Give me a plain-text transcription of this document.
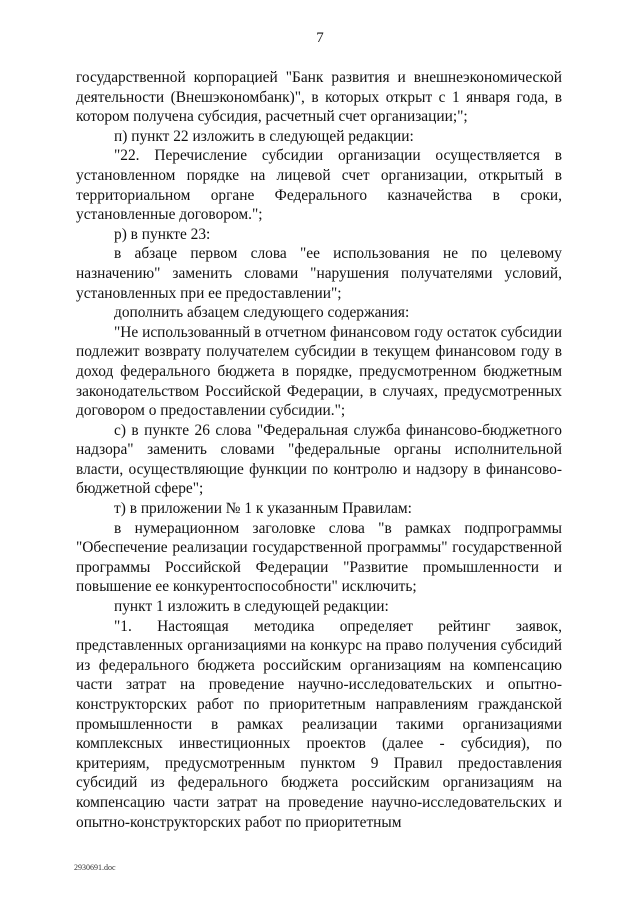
7

государственной корпорацией "Банк развития и внешнеэкономической деятельности (Внешэкономбанк)", в которых открыт с 1 января года, в котором получена субсидия, расчетный счет организации;";

п) пункт 22 изложить в следующей редакции:

"22. Перечисление субсидии организации осуществляется в установленном порядке на лицевой счет организации, открытый в территориальном органе Федерального казначейства в сроки, установленные договором.";

р) в пункте 23:

в абзаце первом слова "ее использования не по целевому назначению" заменить словами "нарушения получателями условий, установленных при ее предоставлении";

дополнить абзацем следующего содержания:

"Не использованный в отчетном финансовом году остаток субсидии подлежит возврату получателем субсидии в текущем финансовом году в доход федерального бюджета в порядке, предусмотренном бюджетным законодательством Российской Федерации, в случаях, предусмотренных договором о предоставлении субсидии.";

с) в пункте 26 слова "Федеральная служба финансово-бюджетного надзора" заменить словами "федеральные органы исполнительной власти, осуществляющие функции по контролю и надзору в финансово-бюджетной сфере";

т) в приложении № 1 к указанным Правилам:

в нумерационном заголовке слова "в рамках подпрограммы "Обеспечение реализации государственной программы" государственной программы Российской Федерации "Развитие промышленности и повышение ее конкурентоспособности" исключить;

пункт 1 изложить в следующей редакции:

"1. Настоящая методика определяет рейтинг заявок, представленных организациями на конкурс на право получения субсидий из федерального бюджета российским организациям на компенсацию части затрат на проведение научно-исследовательских и опытно-конструкторских работ по приоритетным направлениям гражданской промышленности в рамках реализации такими организациями комплексных инвестиционных проектов (далее - субсидия), по критериям, предусмотренным пунктом 9 Правил предоставления субсидий из федерального бюджета российским организациям на компенсацию части затрат на проведение научно-исследовательских и опытно-конструкторских работ по приоритетным

2930691.doc
